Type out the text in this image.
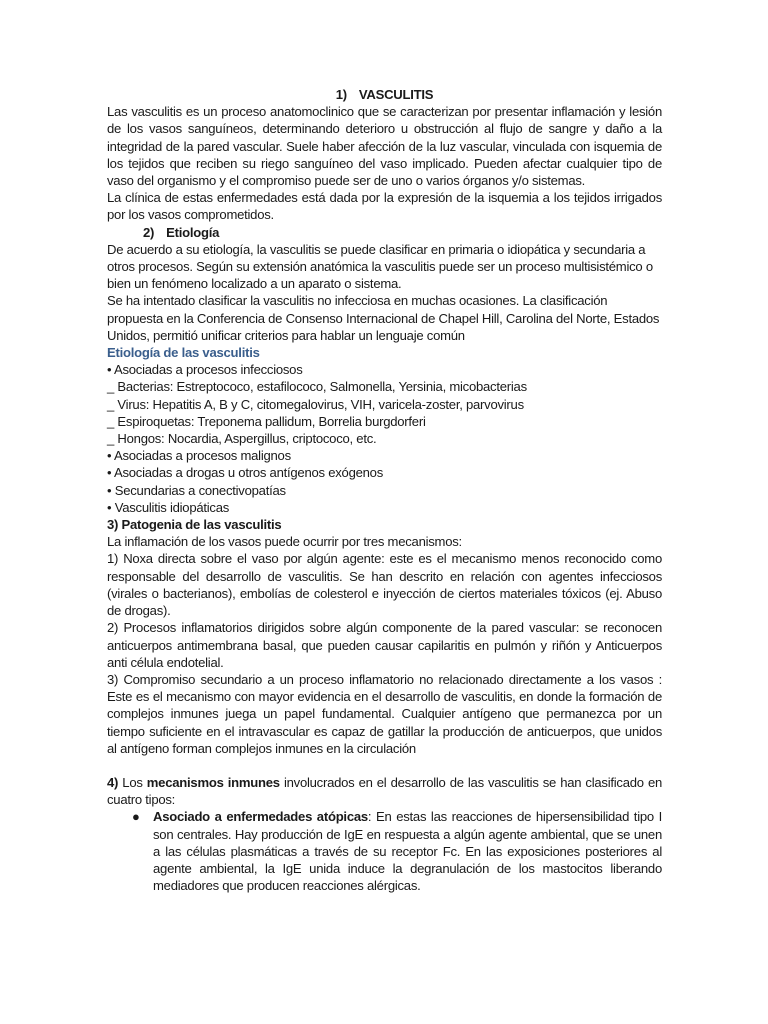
1) VASCULITIS

Las vasculitis es un proceso anatomoclinico que se caracterizan por presentar inflamación y lesión de los vasos sanguíneos, determinando deterioro u obstrucción al flujo de sangre y daño a la integridad de la pared vascular. Suele haber afección de la luz vascular, vinculada con isquemia de los tejidos que reciben su riego sanguíneo del vaso implicado. Pueden afectar cualquier tipo de vaso del organismo y el compromiso puede ser de uno o varios órganos y/o sistemas.

La clínica de estas enfermedades está dada por la expresión de la isquemia a los tejidos irrigados por los vasos comprometidos.

2) Etiología

De acuerdo a su etiología, la vasculitis se puede clasificar en primaria o idiopática y secundaria a otros procesos. Según su extensión anatómica la vasculitis puede ser un proceso multisistémico o bien un fenómeno localizado a un aparato o sistema.

Se ha intentado clasificar la vasculitis no infecciosa en muchas ocasiones. La clasificación propuesta en la Conferencia de Consenso Internacional de Chapel Hill, Carolina del Norte, Estados Unidos, permitió unificar criterios para hablar un lenguaje común

Etiología de las vasculitis

• Asociadas a procesos infecciosos

_ Bacterias: Estreptococo, estafilococo, Salmonella, Yersinia, micobacterias

_ Virus: Hepatitis A, B y C, citomegalovirus, VIH, varicela-zoster, parvovirus

_ Espiroquetas: Treponema pallidum, Borrelia burgdorferi

_ Hongos: Nocardia, Aspergillus, criptococo, etc.

• Asociadas a procesos malignos

• Asociadas a drogas u otros antígenos exógenos

• Secundarias a conectivopatías

• Vasculitis idiopáticas

3) Patogenia de las vasculitis

La inflamación de los vasos puede ocurrir por tres mecanismos:

1) Noxa directa sobre el vaso por algún agente: este es el mecanismo menos reconocido como responsable del desarrollo de vasculitis. Se han descrito en relación con agentes infecciosos (virales o bacterianos), embolías de colesterol e inyección de ciertos materiales tóxicos (ej. Abuso de drogas).

2) Procesos inflamatorios dirigidos sobre algún componente de la pared vascular: se reconocen anticuerpos antimembrana basal, que pueden causar capilaritis en pulmón y riñón y Anticuerpos anti célula endotelial.

3) Compromiso secundario a un proceso inflamatorio no relacionado directamente a los vasos : Este es el mecanismo con mayor evidencia en el desarrollo de vasculitis, en donde la formación de complejos inmunes juega un papel fundamental. Cualquier antígeno que permanezca por un tiempo suficiente en el intravascular es capaz de gatillar la producción de anticuerpos, que unidos al antígeno forman complejos inmunes en la circulación

4) Los mecanismos inmunes involucrados en el desarrollo de las vasculitis se han clasificado en cuatro tipos:

● Asociado a enfermedades atópicas: En estas las reacciones de hipersensibilidad tipo I son centrales. Hay producción de IgE en respuesta a algún agente ambiental, que se unen a las células plasmáticas a través de su receptor Fc. En las exposiciones posteriores al agente ambiental, la IgE unida induce la degranulación de los mastocitos liberando mediadores que producen reacciones alérgicas.
